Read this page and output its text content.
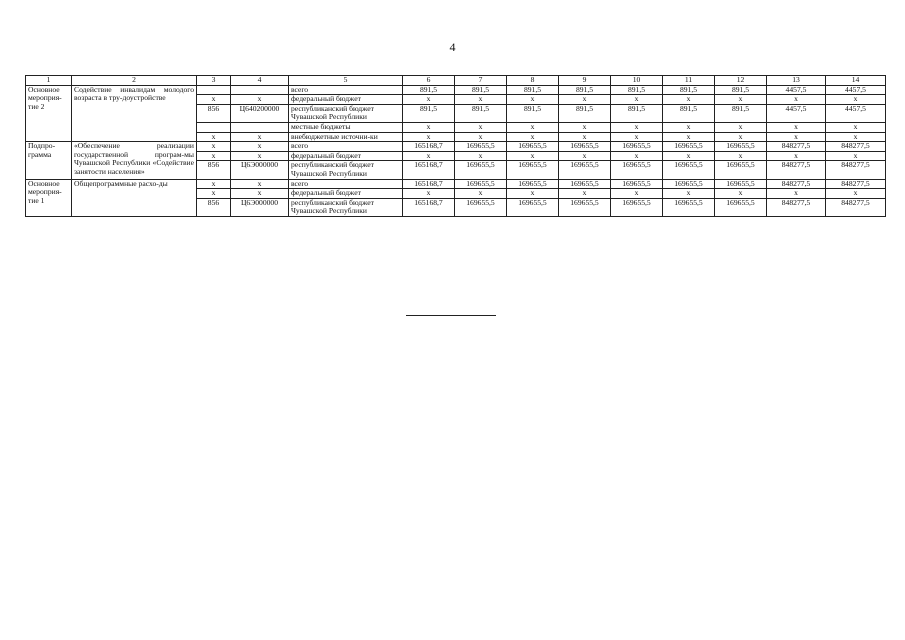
4
1	2	3	4	5	6	7	8	9	10	11	12	13	14
Основное мероприя-тие 2	Содействие инвалидам молодого возраста в тру-доустройстве			всего	891,5	891,5	891,5	891,5	891,5	891,5	891,5	4457,5	4457,5
		x	x	федеральный бюджет	x	x	x	x	x	x	x	x	x
		856	Ц640200000	республиканский бюджет Чувашской Республики	891,5	891,5	891,5	891,5	891,5	891,5	891,5	4457,5	4457,5
				местные бюджеты	x	x	x	x	x	x	x	x	x
		x	x	внебюджетные источни-ки	x	x	x	x	x	x	x	x	x
Подпро-грамма	«Обеспечение реализации государственной програм-мы Чувашской Республики «Содействие занятости населения»	x	x	всего	165168,7	169655,5	169655,5	169655,5	169655,5	169655,5	169655,5	848277,5	848277,5
		x	x	федеральный бюджет	x	x	x	x	x	x	x	x	x
		856	Ц6Э000000	республиканский бюджет Чувашской Республики	165168,7	169655,5	169655,5	169655,5	169655,5	169655,5	169655,5	848277,5	848277,5
Основное мероприя-тие 1	Общепрограммные расхо-ды	x	x	всего	165168,7	169655,5	169655,5	169655,5	169655,5	169655,5	169655,5	848277,5	848277,5
		x	x	федеральный бюджет	x	x	x	x	x	x	x	x	x
		856	Ц6Э000000	республиканский бюджет Чувашской Республики	165168,7	169655,5	169655,5	169655,5	169655,5	169655,5	169655,5	848277,5	848277,5
